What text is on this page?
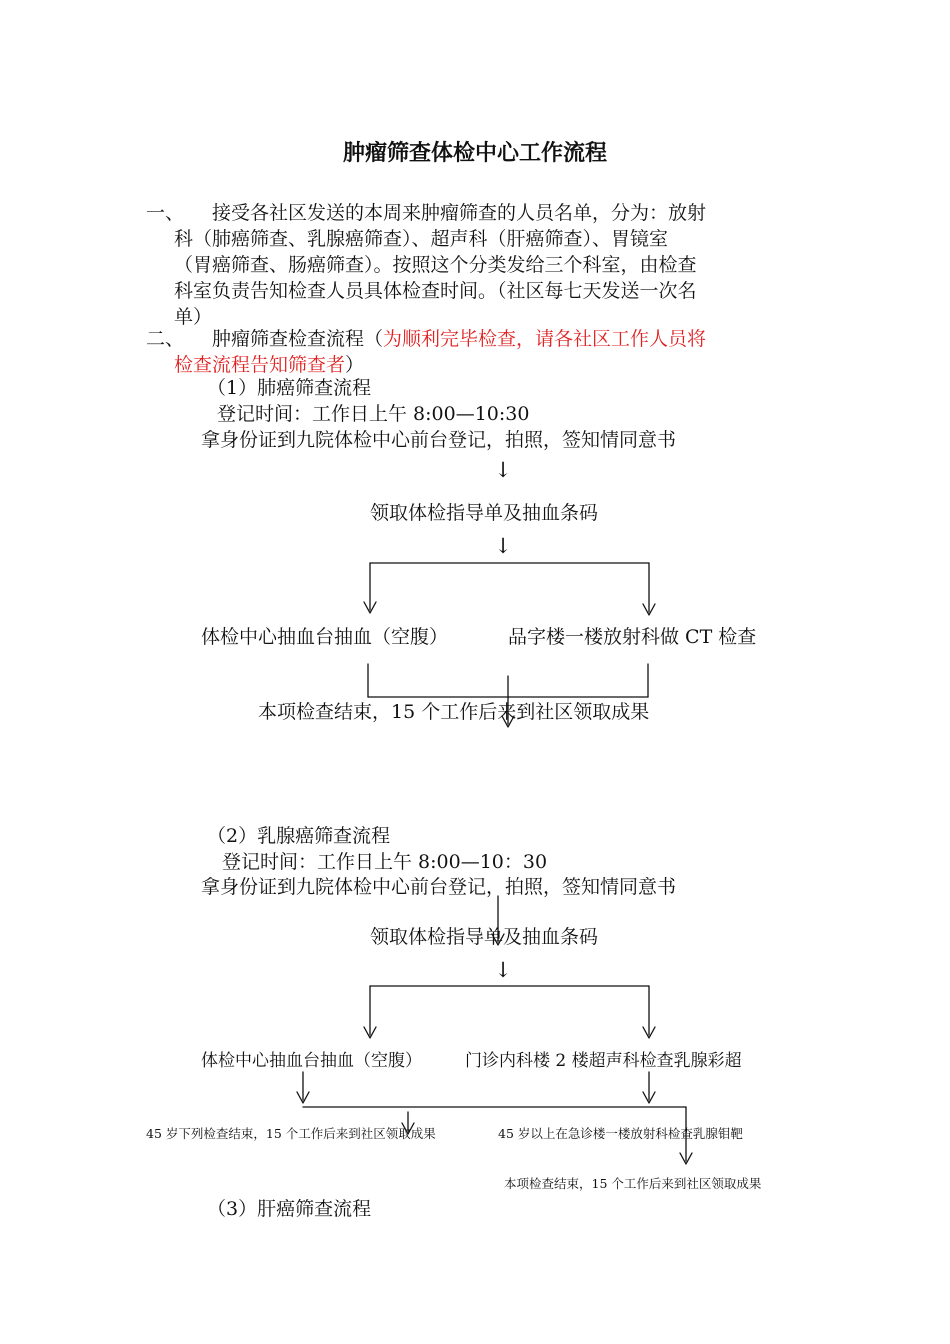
肿瘤筛查体检中心工作流程
一、 接受各社区发送的本周来肿瘤筛查的人员名单，分为：放射
科（肺癌筛查、乳腺癌筛查）、超声科（肝癌筛查）、胃镜室
（胃癌筛查、肠癌筛查）。按照这个分类发给三个科室，由检查
科室负责告知检查人员具体检查时间。（社区每七天发送一次名
单）
二、 肿瘤筛查检查流程（为顺利完毕检查，请各社区工作人员将
检查流程告知筛查者）
（1）肺癌筛查流程
登记时间：工作日上午 8:00—10:30
拿身份证到九院体检中心前台登记，拍照，签知情同意书
↓
领取体检指导单及抽血条码
↓
体检中心抽血台抽血（空腹）	品字楼一楼放射科做 CT 检查
本项检查结束，15 个工作后来到社区领取成果
（2）乳腺癌筛查流程
登记时间：工作日上午 8:00—10：30
拿身份证到九院体检中心前台登记，拍照，签知情同意书
领取体检指导单及抽血条码
↓
体检中心抽血台抽血（空腹）	门诊内科楼 2 楼超声科检查乳腺彩超
45 岁下列检查结束，15 个工作后来到社区领取成果	45 岁以上在急诊楼一楼放射科检查乳腺钼靶
本项检查结束，15 个工作后来到社区领取成果
（3）肝癌筛查流程
